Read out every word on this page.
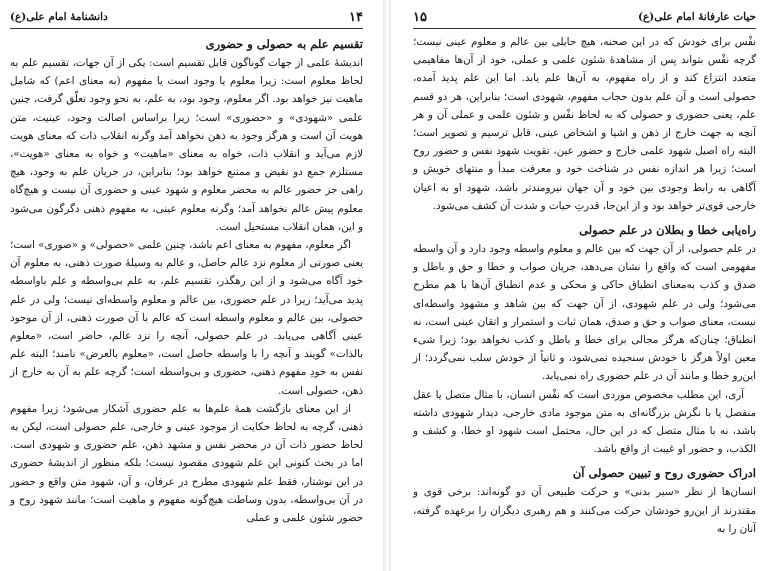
۱۴
دانشنامهٔ امام علی(ع)
تقسیم علم به حصولی و حضوری

اندیشهٔ علمی از جهات گوناگون قابل تقسیم است: یکی از آن جهات، تقسیم علم به لحاظ معلوم است: زیرا معلوم یا وجود است یا مفهوم (به معنای اعم) که شامل ماهیت نیز خواهد بود. اگر معلوم، وجود بود، به علم، به نحو وجود تعلّق گرفت، چنین علمی «شهودی» و «حضوری» است؛ زیرا براساس اصالت وجود، عینیت، متن هویت آن است و هرگز وجود به ذهن نخواهد آمد وگرنه انقلاب ذات که معنای هویت لازم می‌آید و انقلاب ذات، خواه به معنای «ماهیت» و خواه به معنای «هویت»، مستلزم جمع دو نقیض و ممتنع خواهد بود؛ بنابراین، در جریان علم به وجود، هیچ راهی جز حضور عالم به محضر معلوم و شهود عینی و حضوری آن نیست و هیچ‌گاه معلوم پیش عالم نخواهد آمد؛ وگرنه معلوم عینی، به مفهوم ذهنی دگرگون می‌شود و این، همان انقلاب مستحیل است.

اگر معلوم، مفهوم به معنای اعم باشد، چنین علمی «حصولی» و «صوری» است؛ یعنی صورتی از معلوم نزد عالم حاصل، و عالم به وسیلهٔ صورت ذهنی، به معلوم آن خود آگاه می‌شود و از این رهگذر، تقسیم علم، به علم بی‌واسطه و علم باواسطه پدید می‌آید؛ زیرا در علم حضوری، بین عالم و معلوم واسطه‌ای نیست؛ ولی در علم حصولی، بین عالم و معلوم واسطه است که عالم با آن صورت ذهنی، از آن موجود عینی آگاهی می‌یابد. در علم حصولی، آنچه را نزد عالم، حاضر است، «معلوم بالذات» گویند و آنچه را با واسطه حاصل است، «معلوم بالعرض» نامند؛ البته علم نفس به خودِ مفهوم ذهنی، حضوری و بی‌واسطه است؛ گرچه علم به آن به خارج از ذهن، حصولی است.

از این معنای بازگشت همهٔ علم‌ها به علم حضوری آشکار می‌شود؛ زیرا مفهوم ذهنی، گرچه به لحاظ حکایت از موجود عینی و خارجی، علم حصولی است، لیکن به لحاظ حضور ذات آن در محضر نفس و مشهد ذهن، علم حضوری و شهودی است. اما در بحث کنونی این علم شهودی مقصود نیست؛ بلکه منظور از اندیشهٔ حضوری در این نوشتار، فقط علم شهودی مطرح در عرفان، و آن، شهود متن واقع و حضور در آن بی‌واسطه، بدون وساطت هیچ‌گونه مفهوم و ماهیت است؛ مانند شهود روح و حضور شئون علمی و عملی

حیات عارفانهٔ امام علی(ع)
۱۵

نفْس برای خودش که در این صحنه، هیچ حایلی بین عالم و معلوم عینی نیست؛ گرچه نفْس بتواند پس از مشاهدهٔ شئون علمی و عملی، خود از آن‌ها مفاهیمی متعدد انتزاع کند و از راه مفهوم، به آن‌ها علم یابد. اما این علم پدید آمده، حصولی است و آن علم بدون حجاب مفهوم، شهودی است؛ بنابراین، هر دو قسم علم، یعنی حضوری و حصولی که به لحاظ نفْس و شئون علمی و عملی آن و هر آنچه به جهت خارج از ذهن و اشیا و اشخاص عینی، قابل ترسیم و تصویر است؛ البته راه اصیل شهود علمی خارج و حضور عین، تقویت شهود نفس و حضور روح است؛ زیرا هر اندازه نفس در شناخت خود و معرفت مبدأ و منتهای خویش و آگاهی به رابط وجودی بین خود و آن جهان نیرومندتر باشد، شهود او به اعیان خارجی قوی‌تر خواهد بود و از این‌جا، قدرتِ حیات و شدت آن کشف می‌شود.

راه‌یابی خطا و بطلان در علم حصولی

در علم حصولی، از آن جهت که بین عالم و معلوم واسطه وجود دارد و آن واسطه مفهومی است که واقع را نشان می‌دهد، جریان صواب و خطا و حق و باطل و صدق و کذب به‌معنای انطباق حاکی و محکی و عدم انطباق آن‌ها با هم مطرح می‌شود؛ ولی در علم شهودی، از آن جهت که بین شاهد و مشهود واسطه‌ای نیست، معنای صواب و حق و صدق، همان ثبات و استمرار و اتقان عینی است، نه انطباق؛ چنان‌که هرگز مجالی برای خطا و باطل و کذب نخواهد بود؛ زیرا شیء معین اولاً هرگز با خودش سنجیده نمی‌شود، و ثانیاً از خودش سلب نمی‌گردد؛ از این‌رو خطا و مانند آن در علم حضوری راه نمی‌یابد.

آری، این مطلب مخصوص موردی است که نفْس انسان، با مثال متصل یا عقل منفصل یا با نگرش بزرگانه‌ای به متن موجود مادی خارجی، دیدار شهودی داشته باشد، نه با مثال متصل که در این حال، محتمل است شهود او خطا، و کشف و الکذب، و حضور او غیبت از واقع باشد.

ادراک حضوری روح و تبیین حصولی آن

انسان‌ها از نظر «سیر بدنی» و حرکت طبیعی آن دو گونه‌اند: برخی قوی و مقتدرند از این‌رو خودشان حرکت می‌کنند و هم رهبری دیگران را برعهده گرفته، آنان را به
